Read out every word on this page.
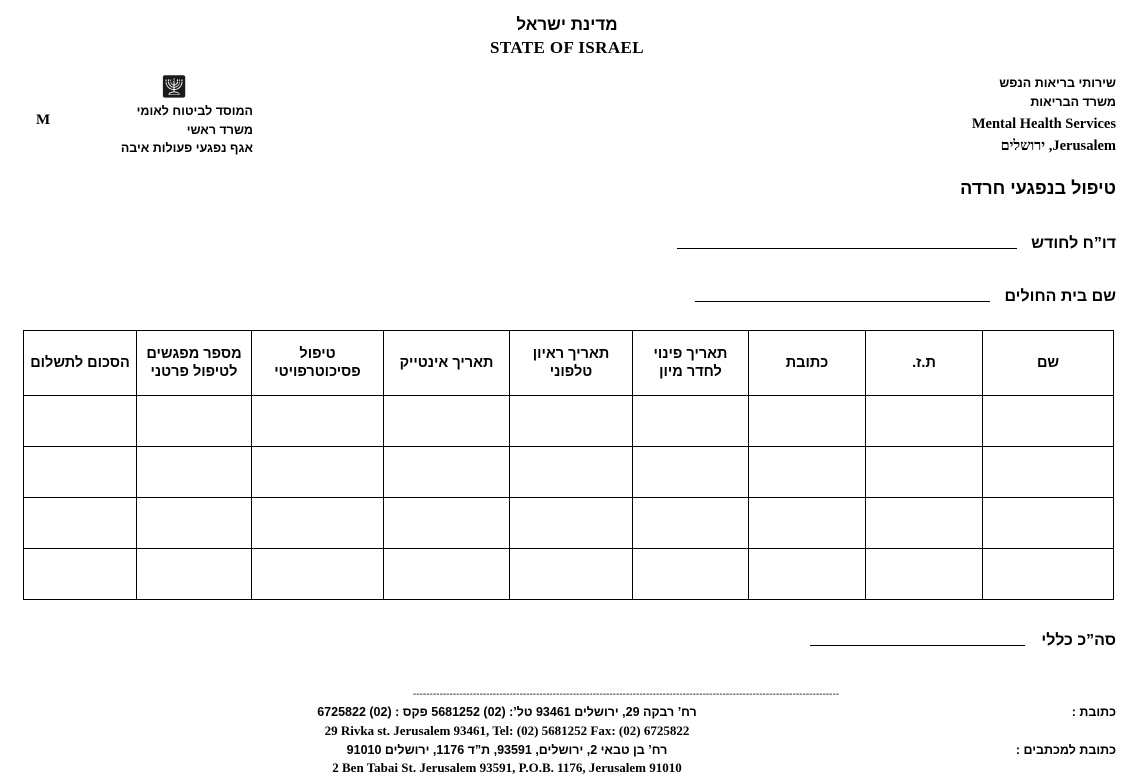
מדינת ישראל
STATE OF ISRAEL
🕎︎
M
המוסד לביטוח לאומי
משרד ראשי
אגף נפגעי פעולות איבה
שירותי בריאות הנפש
משרד הבריאות
Mental Health Services
ירושלים ,Jerusalem
טיפול בנפגעי חרדה
דו”ח לחודש
שם בית החולים
שם	ת.ז.	כתובת	תאריך פינוי לחדר מיון	תאריך ראיון טלפוני	תאריך אינטייק	טיפול פסיכוטרפויטי	מספר מפגשים לטיפול פרטני	הסכום לתשלום

סה”כ כללי
--------------------------------------------------------------------------------------------------------------------------------
כתובת :
רח’ רבקה 29, ירושלים 93461 טל’: (02) 5681252 פקס : (02) 6725822
29 Rivka st. Jerusalem 93461, Tel: (02) 5681252 Fax: (02) 6725822
כתובת למכתבים :
רח’ בן טבאי 2, ירושלים, 93591, ת”ד 1176, ירושלים 91010
2 Ben Tabai St. Jerusalem 93591, P.O.B. 1176, Jerusalem 91010
